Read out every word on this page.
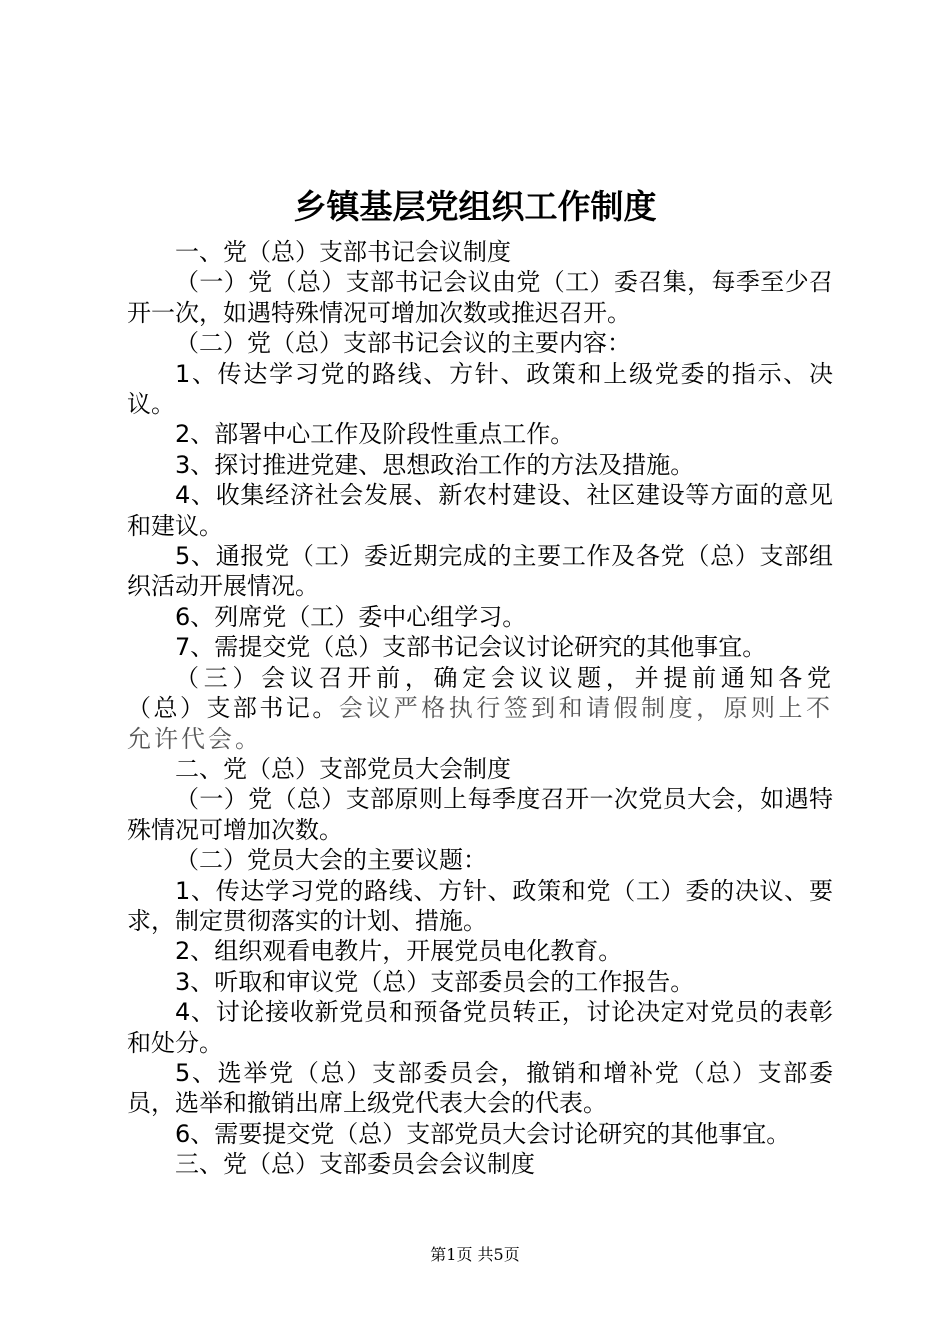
乡镇基层党组织工作制度

一、党（总）支部书记会议制度

（一）党（总）支部书记会议由党（工）委召集，每季至少召开一次，如遇特殊情况可增加次数或推迟召开。

（二）党（总）支部书记会议的主要内容：

1、传达学习党的路线、方针、政策和上级党委的指示、决议。

2、部署中心工作及阶段性重点工作。

3、探讨推进党建、思想政治工作的方法及措施。

4、收集经济社会发展、新农村建设、社区建设等方面的意见和建议。

5、通报党（工）委近期完成的主要工作及各党（总）支部组织活动开展情况。

6、列席党（工）委中心组学习。

7、需提交党（总）支部书记会议讨论研究的其他事宜。

（三）会议召开前，确定会议议题，并提前通知各党（总）支部书记。会议严格执行签到和请假制度，原则上不允许代会。

二、党（总）支部党员大会制度

（一）党（总）支部原则上每季度召开一次党员大会，如遇特殊情况可增加次数。

（二）党员大会的主要议题：

1、传达学习党的路线、方针、政策和党（工）委的决议、要求，制定贯彻落实的计划、措施。

2、组织观看电教片，开展党员电化教育。

3、听取和审议党（总）支部委员会的工作报告。

4、讨论接收新党员和预备党员转正，讨论决定对党员的表彰和处分。

5、选举党（总）支部委员会，撤销和增补党（总）支部委员，选举和撤销出席上级党代表大会的代表。

6、需要提交党（总）支部党员大会讨论研究的其他事宜。

三、党（总）支部委员会会议制度

第1页 共5页
